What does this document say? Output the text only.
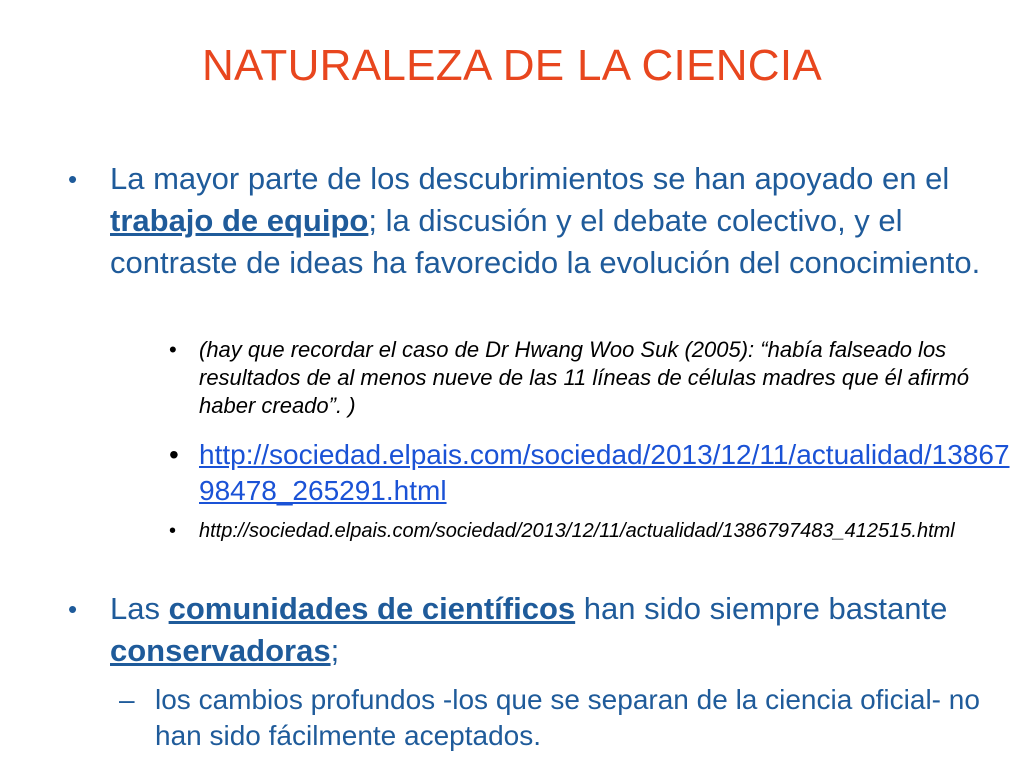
NATURALEZA DE LA CIENCIA
• La mayor parte de los descubrimientos se han apoyado en el trabajo de equipo; la discusión y el debate colectivo, y el contraste de ideas ha favorecido la evolución del conocimiento.
• (hay que recordar el caso de Dr Hwang Woo Suk (2005): “había falseado los resultados de al menos nueve de las 11 líneas de células madres que él afirmó haber creado”. )
• http://sociedad.elpais.com/sociedad/2013/12/11/actualidad/1386798478_265291.html
• http://sociedad.elpais.com/sociedad/2013/12/11/actualidad/1386797483_412515.html
• Las comunidades de científicos han sido siempre bastante conservadoras;
– los cambios profundos -los que se separan de la ciencia oficial- no han sido fácilmente aceptados.
